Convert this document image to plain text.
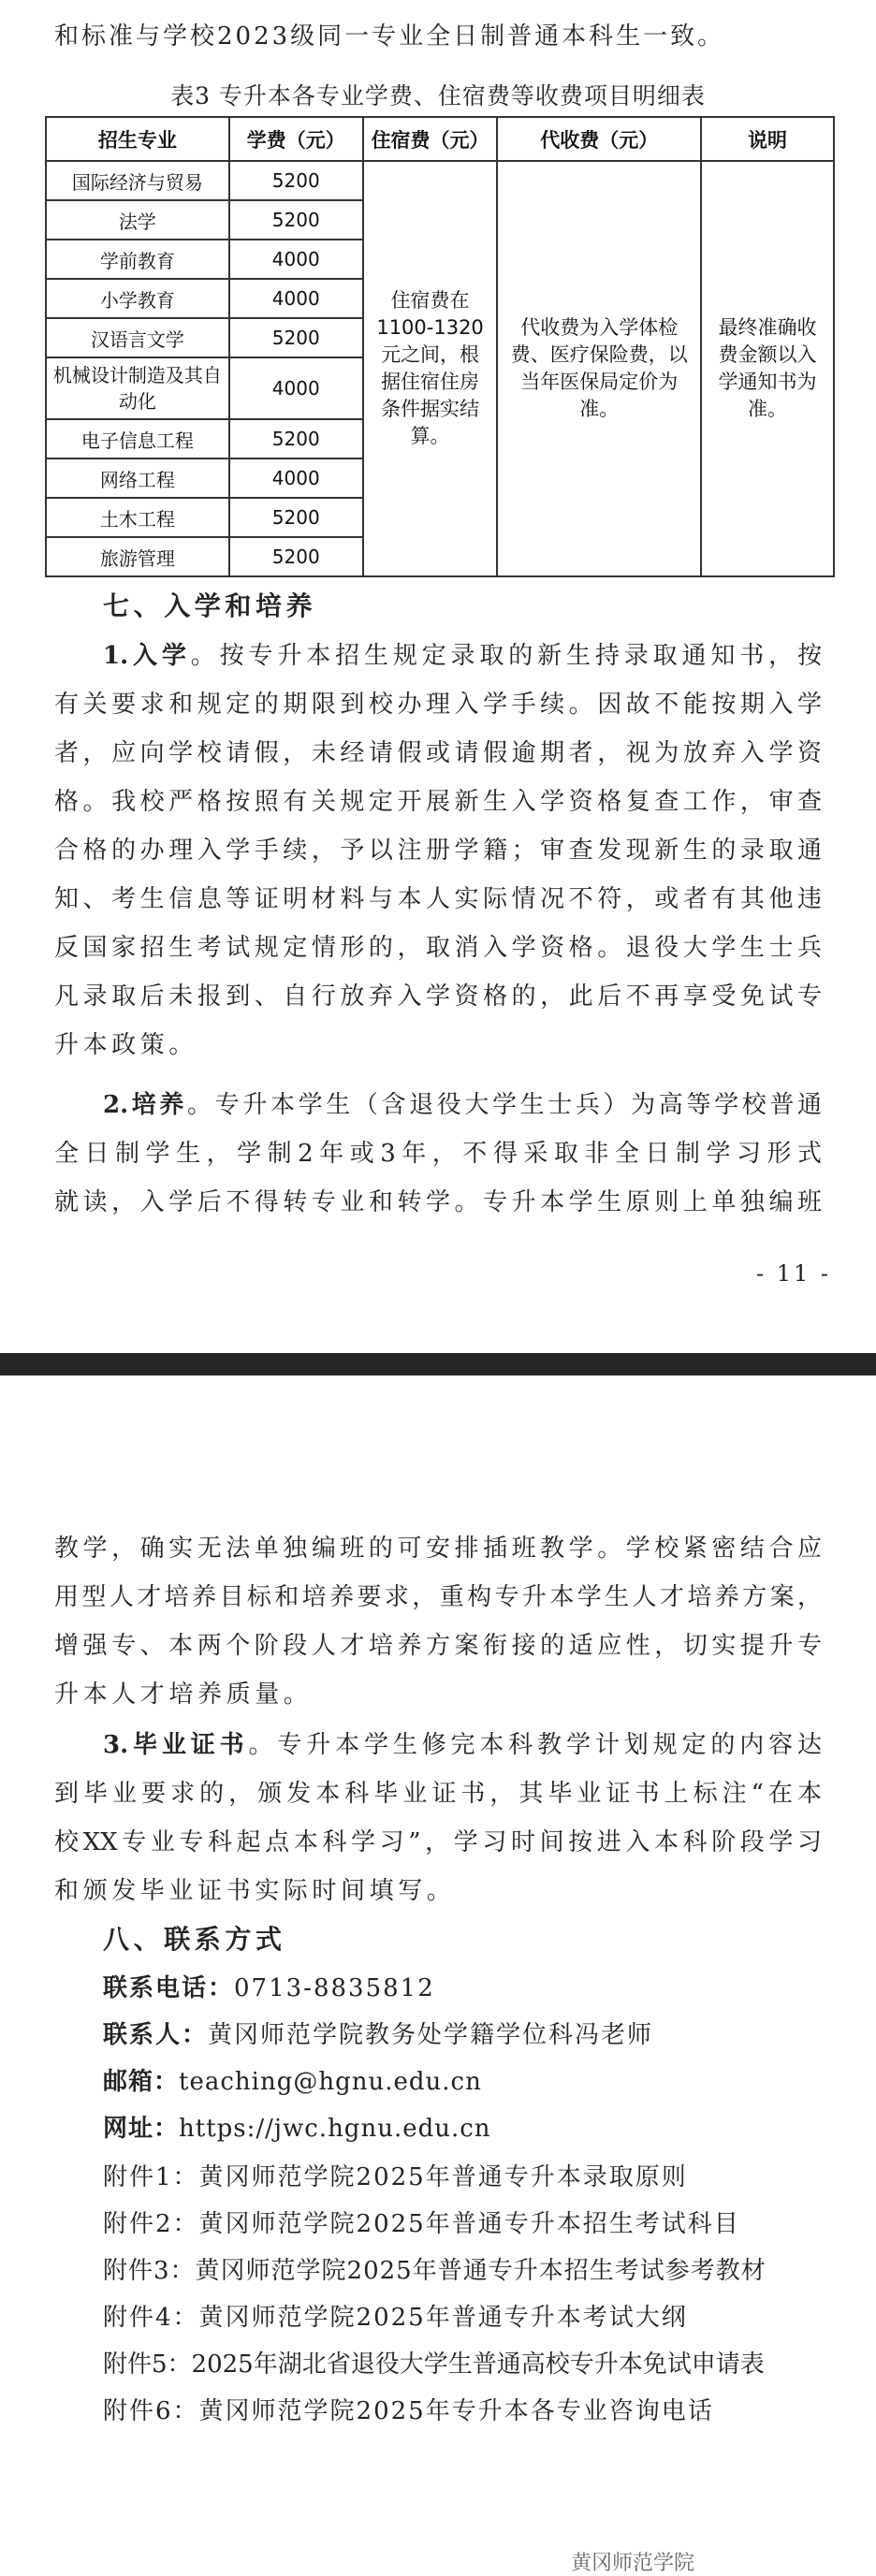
和标准与学校2023级同一专业全日制普通本科生一致。
表3 专升本各专业学费、住宿费等收费项目明细表
招生专业	学费（元）	住宿费（元）	代收费（元）	说明
国际经济与贸易	5200	住宿费在1100-1320元之间，根据住宿住房条件据实结算。	代收费为入学体检费、医疗保险费，以当年医保局定价为准。	最终准确收费金额以入学通知书为准。
法学	5200			
学前教育	4000			
小学教育	4000			
汉语言文学	5200			
机械设计制造及其自动化	4000			
电子信息工程	5200			
网络工程	4000			
土木工程	5200			
旅游管理	5200			
七、入学和培养
1.入学。按专升本招生规定录取的新生持录取通知书，按
有关要求和规定的期限到校办理入学手续。因故不能按期入学
者，应向学校请假，未经请假或请假逾期者，视为放弃入学资
格。我校严格按照有关规定开展新生入学资格复查工作，审查
合格的办理入学手续，予以注册学籍；审查发现新生的录取通
知、考生信息等证明材料与本人实际情况不符，或者有其他违
反国家招生考试规定情形的，取消入学资格。退役大学生士兵
凡录取后未报到、自行放弃入学资格的，此后不再享受免试专
升本政策。
2.培养。专升本学生（含退役大学生士兵）为高等学校普通
全日制学生，学制2年或3年，不得采取非全日制学习形式
就读，入学后不得转专业和转学。专升本学生原则上单独编班
- 11 -
教学，确实无法单独编班的可安排插班教学。学校紧密结合应
用型人才培养目标和培养要求，重构专升本学生人才培养方案，
增强专、本两个阶段人才培养方案衔接的适应性，切实提升专
升本人才培养质量。
3.毕业证书。专升本学生修完本科教学计划规定的内容达
到毕业要求的，颁发本科毕业证书，其毕业证书上标注“在本
校XX专业专科起点本科学习”，学习时间按进入本科阶段学习
和颁发毕业证书实际时间填写。
八、联系方式
联系电话：0713-8835812
联系人：黄冈师范学院教务处学籍学位科冯老师
邮箱：teaching@hgnu.edu.cn
网址：https://jwc.hgnu.edu.cn
附件1：黄冈师范学院2025年普通专升本录取原则
附件2：黄冈师范学院2025年普通专升本招生考试科目
附件3：黄冈师范学院2025年普通专升本招生考试参考教材
附件4：黄冈师范学院2025年普通专升本考试大纲
附件5：2025年湖北省退役大学生普通高校专升本免试申请表
附件6：黄冈师范学院2025年专升本各专业咨询电话
黄冈师范学院
